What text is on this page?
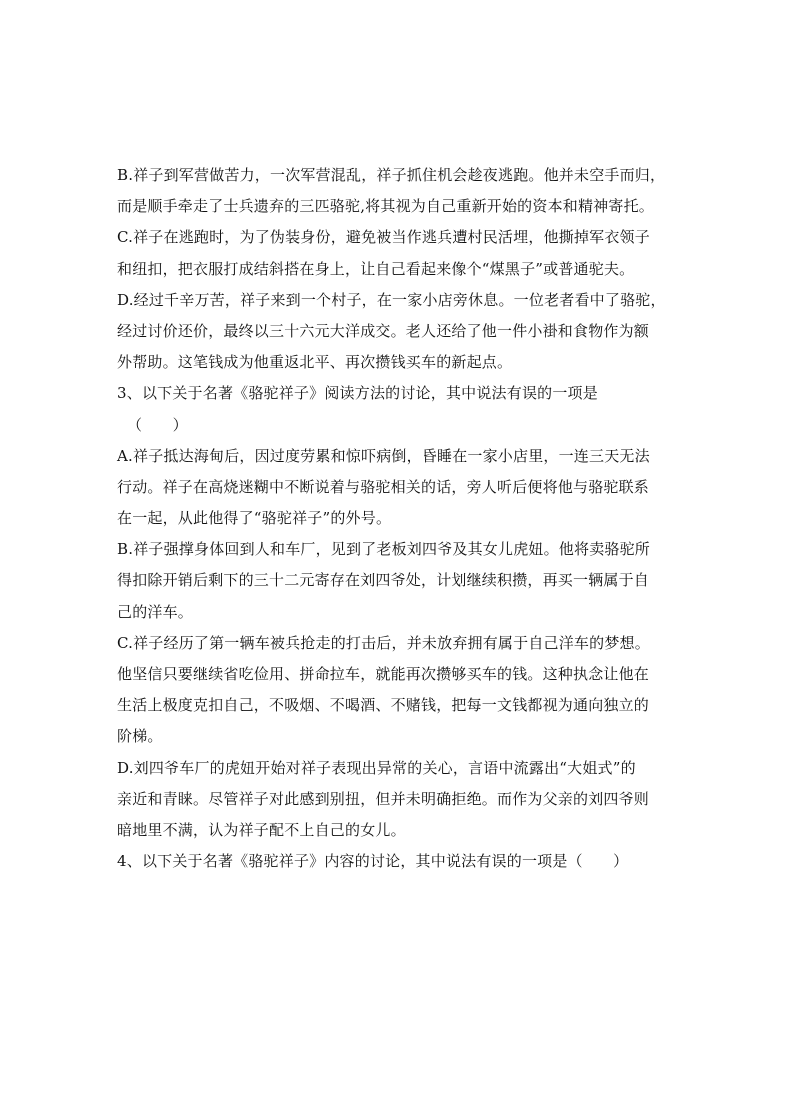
B.祥子到军营做苦力，一次军营混乱，祥子抓住机会趁夜逃跑。他并未空手而归，
而是顺手牵走了士兵遗弃的三匹骆驼,将其视为自己重新开始的资本和精神寄托。
C.祥子在逃跑时，为了伪装身份，避免被当作逃兵遭村民活埋，他撕掉军衣领子
和纽扣，把衣服打成结斜搭在身上，让自己看起来像个“煤黑子”或普通驼夫。
D.经过千辛万苦，祥子来到一个村子，在一家小店旁休息。一位老者看中了骆驼，
经过讨价还价，最终以三十六元大洋成交。老人还给了他一件小褂和食物作为额
外帮助。这笔钱成为他重返北平、再次攒钱买车的新起点。
3、以下关于名著《骆驼祥子》阅读方法的讨论，其中说法有误的一项是
（　　）
A.祥子抵达海甸后，因过度劳累和惊吓病倒，昏睡在一家小店里，一连三天无法
行动。祥子在高烧迷糊中不断说着与骆驼相关的话，旁人听后便将他与骆驼联系
在一起，从此他得了“骆驼祥子”的外号。
B.祥子强撑身体回到人和车厂，见到了老板刘四爷及其女儿虎妞。他将卖骆驼所
得扣除开销后剩下的三十二元寄存在刘四爷处，计划继续积攒，再买一辆属于自
己的洋车。
C.祥子经历了第一辆车被兵抢走的打击后，并未放弃拥有属于自己洋车的梦想。
他坚信只要继续省吃俭用、拼命拉车，就能再次攒够买车的钱。这种执念让他在
生活上极度克扣自己，不吸烟、不喝酒、不赌钱，把每一文钱都视为通向独立的
阶梯。
D.刘四爷车厂的虎妞开始对祥子表现出异常的关心，言语中流露出“大姐式”的
亲近和青睐。尽管祥子对此感到别扭，但并未明确拒绝。而作为父亲的刘四爷则
暗地里不满，认为祥子配不上自己的女儿。
4、以下关于名著《骆驼祥子》内容的讨论，其中说法有误的一项是（　　）
